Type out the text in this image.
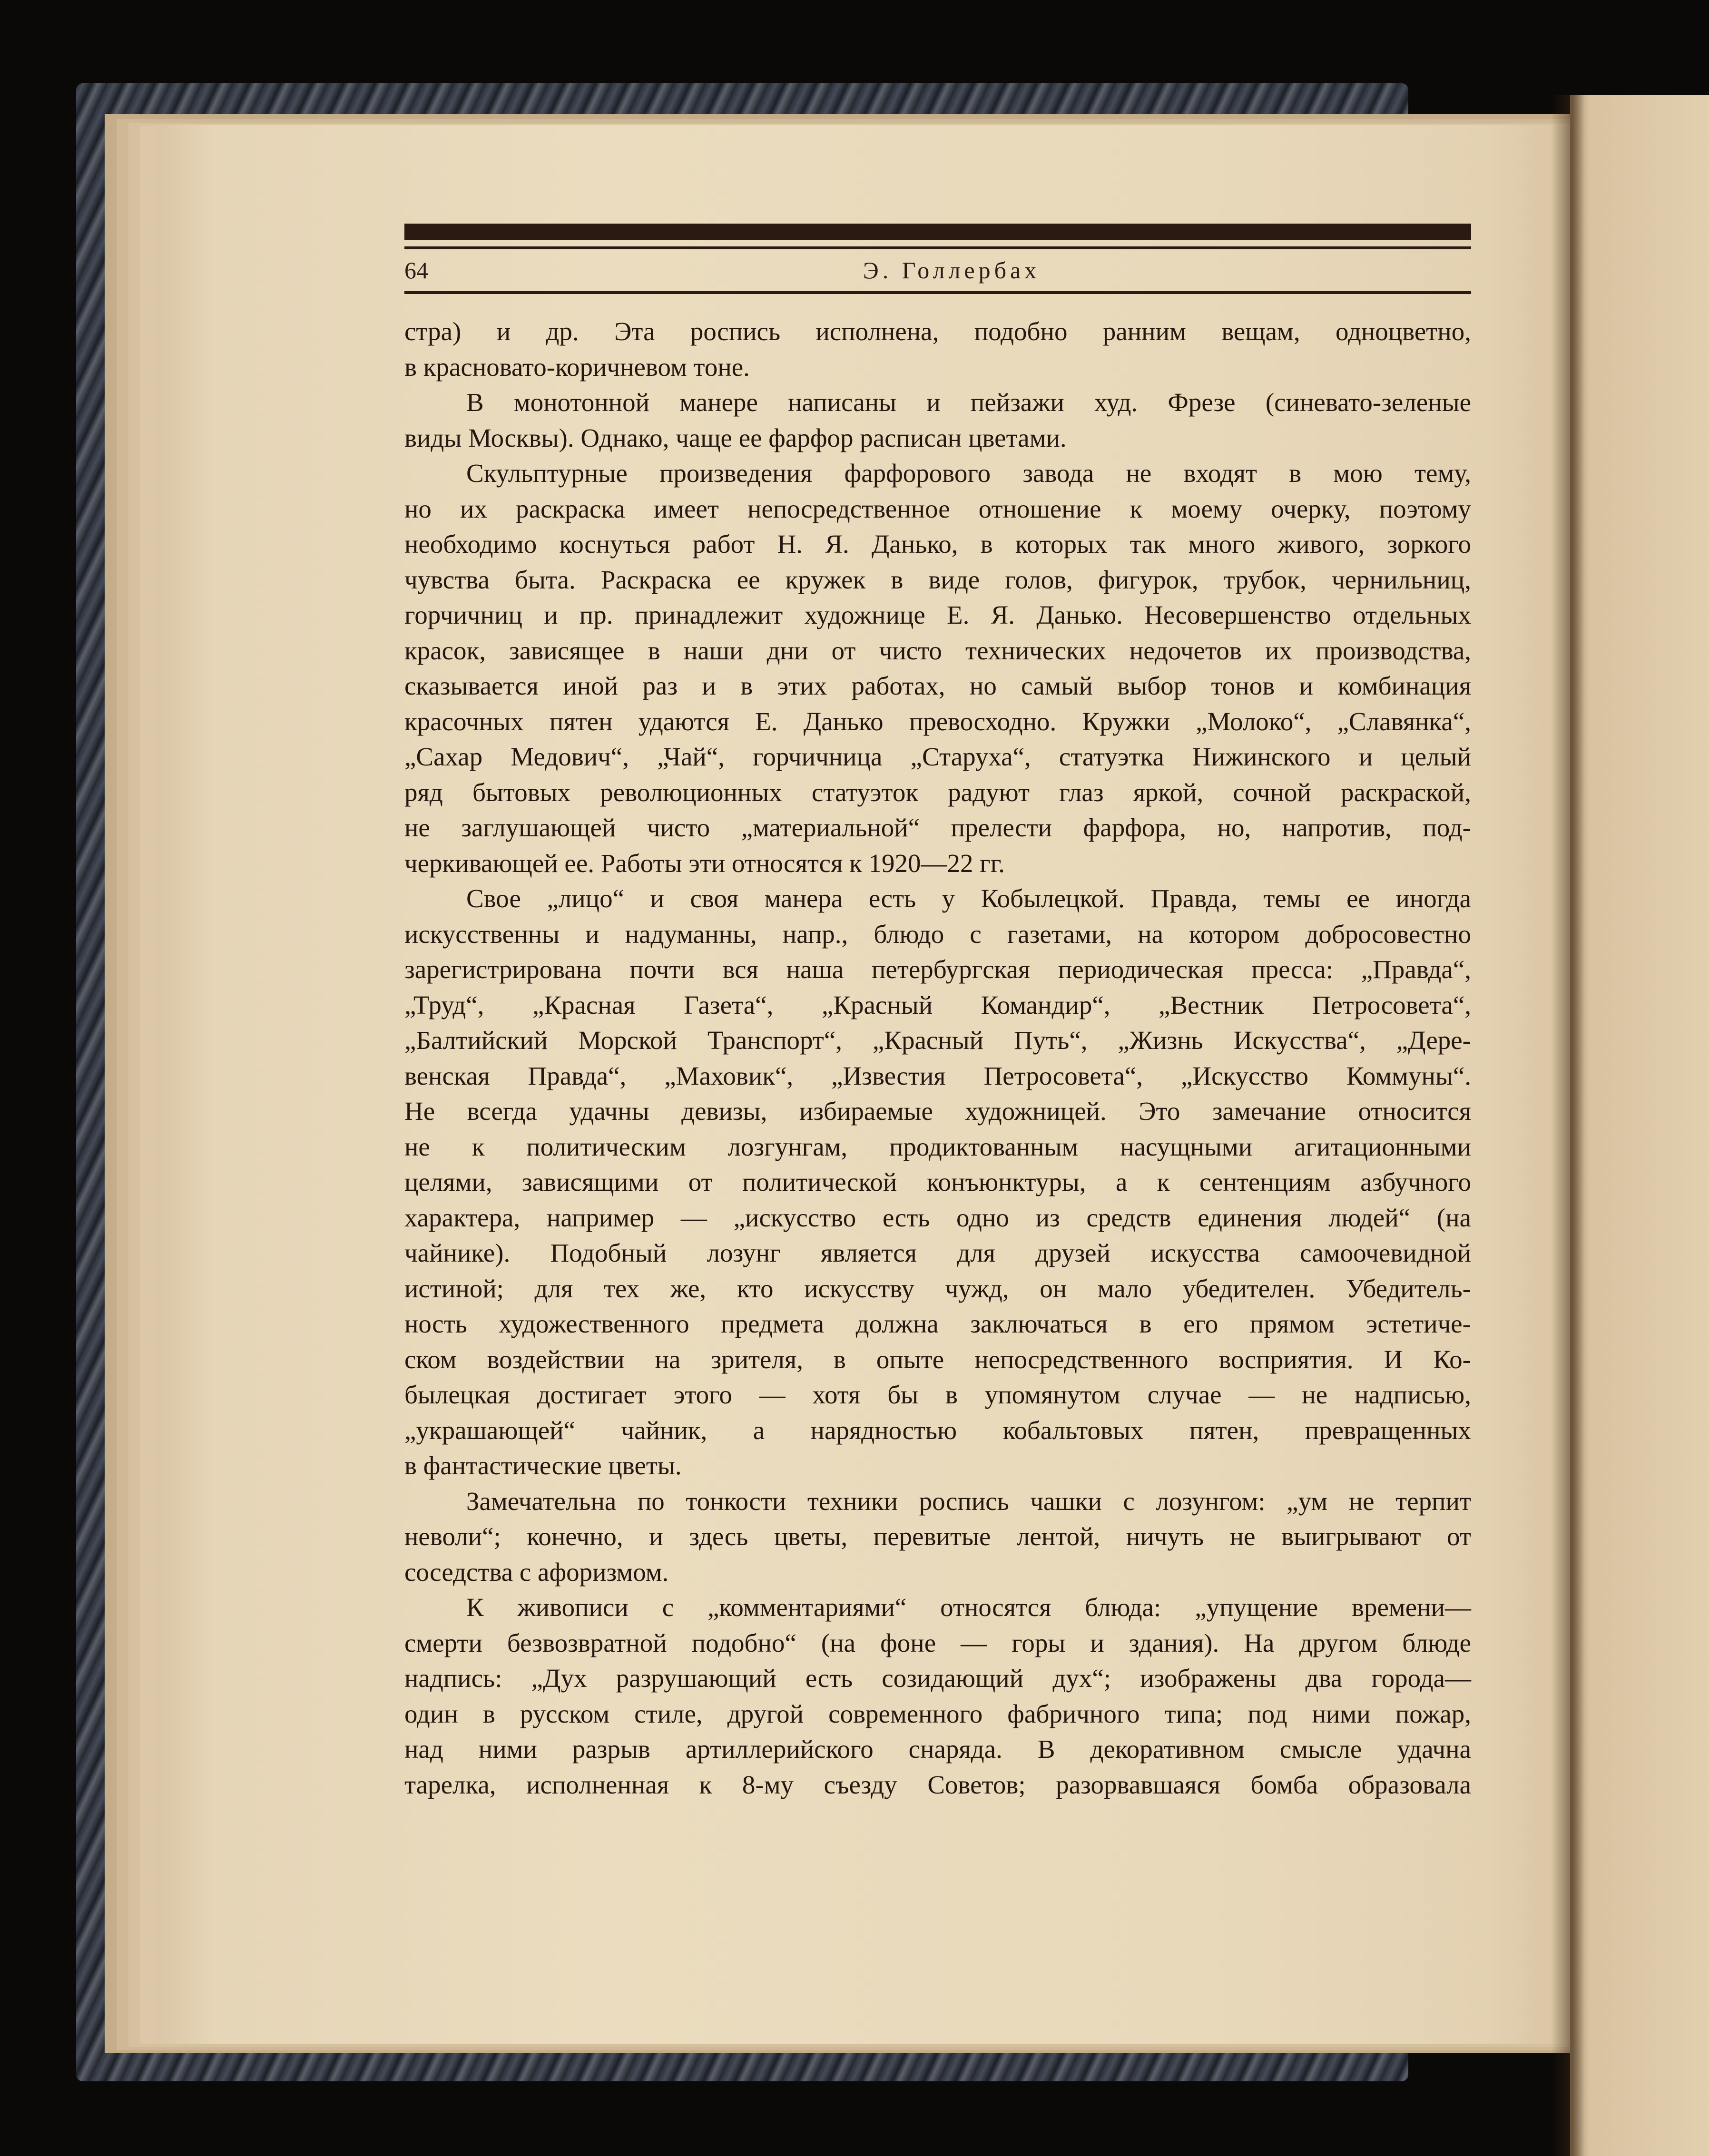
64	Э. Голлербах
стра) и др. Эта роспись исполнена, подобно ранним вещам, одноцветно,
в красновато-коричневом тоне.
В монотонной манере написаны и пейзажи худ. Фрезе (синевато-зеленые
виды Москвы). Однако, чаще ее фарфор расписан цветами.
Скульптурные произведения фарфорового завода не входят в мою тему,
но их раскраска имеет непосредственное отношение к моему очерку, поэтому
необходимо коснуться работ Н. Я. Данько, в которых так много живого, зоркого
чувства быта. Раскраска ее кружек в виде голов, фигурок, трубок, чернильниц,
горчичниц и пр. принадлежит художнице Е. Я. Данько. Несовершенство отдельных
красок, зависящее в наши дни от чисто технических недочетов их производства,
сказывается иной раз и в этих работах, но самый выбор тонов и комбинация
красочных пятен удаются Е. Данько превосходно. Кружки „Молоко“, „Славянка“,
„Сахар Медович“, „Чай“, горчичница „Старуха“, статуэтка Нижинского и целый
ряд бытовых революционных статуэток радуют глаз яркой, сочной раскраской,
не заглушающей чисто „материальной“ прелести фарфора, но, напротив, под-
черкивающей ее. Работы эти относятся к 1920—22 гг.
Свое „лицо“ и своя манера есть у Кобылецкой. Правда, темы ее иногда
искусственны и надуманны, напр., блюдо с газетами, на котором добросовестно
зарегистрирована почти вся наша петербургская периодическая пресса: „Правда“,
„Труд“, „Красная Газета“, „Красный Командир“, „Вестник Петросовета“,
„Балтийский Морской Транспорт“, „Красный Путь“, „Жизнь Искусства“, „Дере-
венская Правда“, „Маховик“, „Известия Петросовета“, „Искусство Коммуны“.
Не всегда удачны девизы, избираемые художницей. Это замечание относится
не к политическим лозгунгам, продиктованным насущными агитационными
целями, зависящими от политической конъюнктуры, а к сентенциям азбучного
характера, например — „искусство есть одно из средств единения людей“ (на
чайнике). Подобный лозунг является для друзей искусства самоочевидной
истиной; для тех же, кто искусству чужд, он мало убедителен. Убедитель-
ность художественного предмета должна заключаться в его прямом эстетиче-
ском воздействии на зрителя, в опыте непосредственного восприятия. И Ко-
былецкая достигает этого — хотя бы в упомянутом случае — не надписью,
„украшающей“ чайник, а нарядностью кобальтовых пятен, превращенных
в фантастические цветы.
Замечательна по тонкости техники роспись чашки с лозунгом: „ум не терпит
неволи“; конечно, и здесь цветы, перевитые лентой, ничуть не выигрывают от
соседства с афоризмом.
К живописи с „комментариями“ относятся блюда: „упущение времени—
смерти безвозвратной подобно“ (на фоне — горы и здания). На другом блюде
надпись: „Дух разрушающий есть созидающий дух“; изображены два города—
один в русском стиле, другой современного фабричного типа; под ними пожар,
над ними разрыв артиллерийского снаряда. В декоративном смысле удачна
тарелка, исполненная к 8-му съезду Советов; разорвавшаяся бомба образовала
